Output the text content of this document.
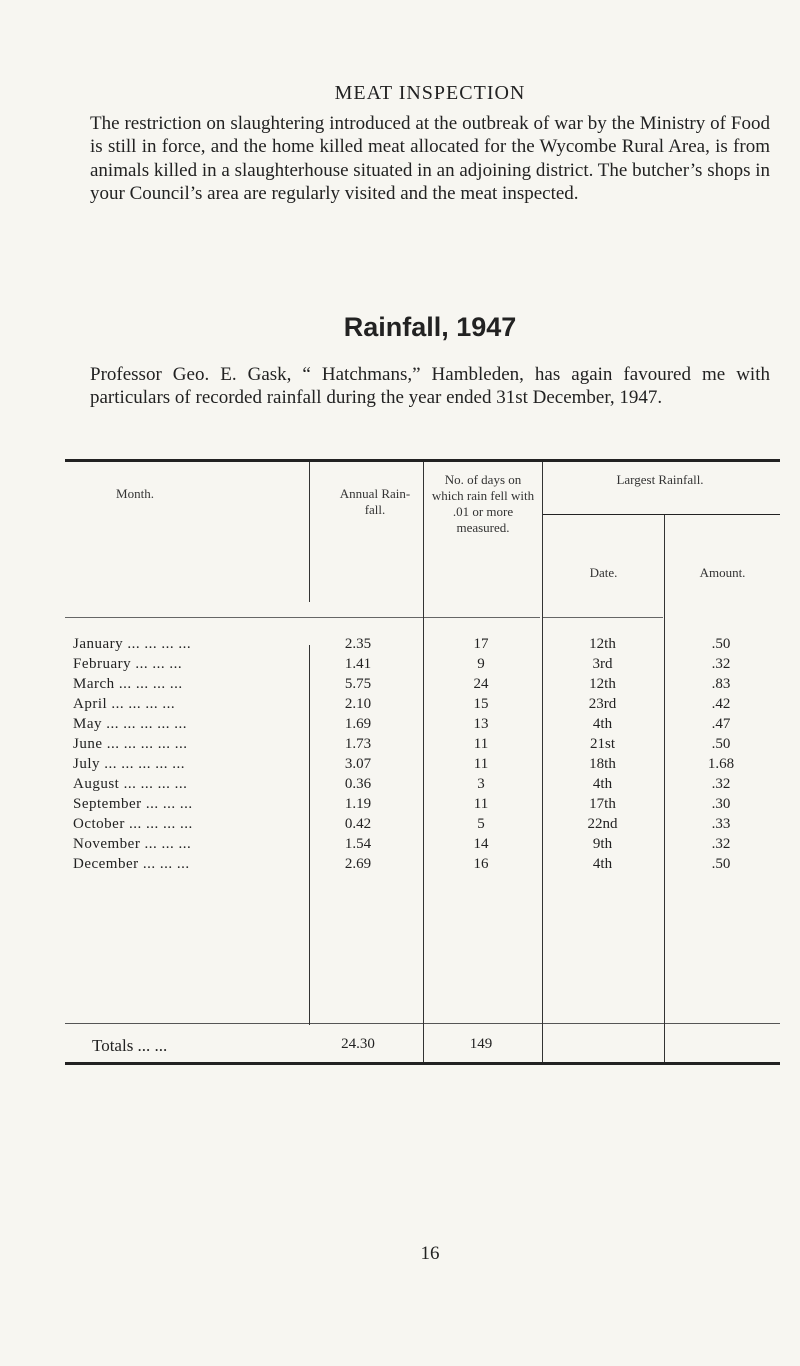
MEAT INSPECTION
The restriction on slaughtering introduced at the outbreak of war by the Ministry of Food is still in force, and the home killed meat allocated for the Wycombe Rural Area, is from animals killed in a slaughterhouse situated in an adjoining district. The butcher’s shops in your Council’s area are regularly visited and the meat inspected.
Rainfall, 1947
Professor Geo. E. Gask, “ Hatchmans,” Hambleden, has again favoured me with particulars of recorded rainfall during the year ended 31st December, 1947.
Month.	Annual Rain- fall.
No. of days on which rain fell with .01 or more measured.
Largest Rainfall.
Date.	Amount.
January ... ... ... ...	2.35	17	12th	.50
February ... ... ...	1.41	9	3rd	.32
March ... ... ... ...	5.75	24	12th	.83
April ... ... ... ...	2.10	15	23rd	.42
May ... ... ... ... ...	1.69	13	4th	.47
June ... ... ... ... ...	1.73	11	21st	.50
July ... ... ... ... ...	3.07	11	18th	1.68
August ... ... ... ...	0.36	3	4th	.32
September ... ... ...	1.19	11	17th	.30
October ... ... ... ...	0.42	5	22nd	.33
November ... ... ...	1.54	14	9th	.32
December ... ... ...	2.69	16	4th	.50
Totals ... ...	24.30	149
16
